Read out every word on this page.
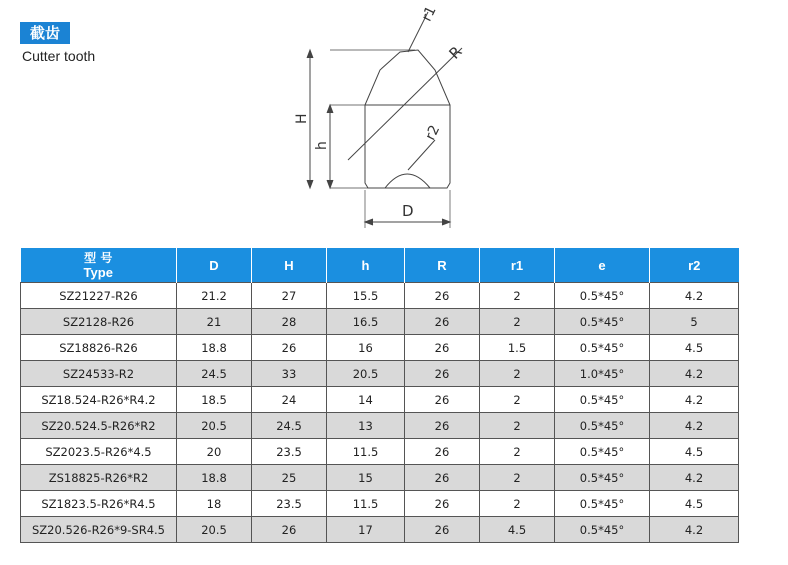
截齿
Cutter tooth
r1
R
H
h
r2
D
型 号
Type	D	H	h	R	r1	e	r2

SZ21227-R26	21.2	27	15.5	26	2	0.5*45°	4.2
SZ2128-R26	21	28	16.5	26	2	0.5*45°	5
SZ18826-R26	18.8	26	16	26	1.5	0.5*45°	4.5
SZ24533-R2	24.5	33	20.5	26	2	1.0*45°	4.2
SZ18.524-R26*R4.2	18.5	24	14	26	2	0.5*45°	4.2
SZ20.524.5-R26*R2	20.5	24.5	13	26	2	0.5*45°	4.2
SZ2023.5-R26*4.5	20	23.5	11.5	26	2	0.5*45°	4.5
ZS18825-R26*R2	18.8	25	15	26	2	0.5*45°	4.2
SZ1823.5-R26*R4.5	18	23.5	11.5	26	2	0.5*45°	4.5
SZ20.526-R26*9-SR4.5	20.5	26	17	26	4.5	0.5*45°	4.2
